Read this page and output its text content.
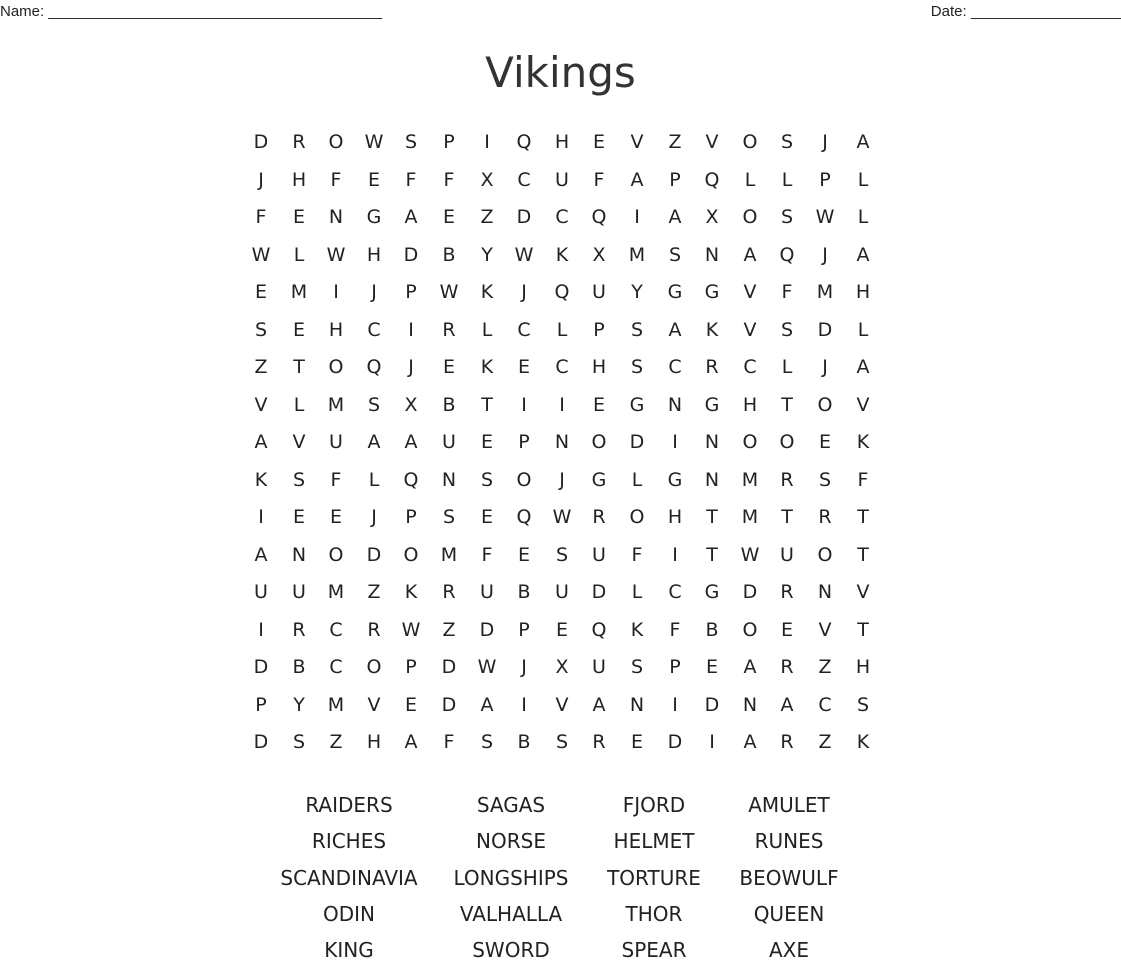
Name: ________________________________________	Date: __________________
Vikings
D	R	O	W	S	P	I	Q	H	E	V	Z	V	O	S	J	A
J	H	F	E	F	F	X	C	U	F	A	P	Q	L	L	P	L
F	E	N	G	A	E	Z	D	C	Q	I	A	X	O	S	W	L
W	L	W	H	D	B	Y	W	K	X	M	S	N	A	Q	J	A
E	M	I	J	P	W	K	J	Q	U	Y	G	G	V	F	M	H
S	E	H	C	I	R	L	C	L	P	S	A	K	V	S	D	L
Z	T	O	Q	J	E	K	E	C	H	S	C	R	C	L	J	A
V	L	M	S	X	B	T	I	I	E	G	N	G	H	T	O	V
A	V	U	A	A	U	E	P	N	O	D	I	N	O	O	E	K
K	S	F	L	Q	N	S	O	J	G	L	G	N	M	R	S	F
I	E	E	J	P	S	E	Q	W	R	O	H	T	M	T	R	T
A	N	O	D	O	M	F	E	S	U	F	I	T	W	U	O	T
U	U	M	Z	K	R	U	B	U	D	L	C	G	D	R	N	V
I	R	C	R	W	Z	D	P	E	Q	K	F	B	O	E	V	T
D	B	C	O	P	D	W	J	X	U	S	P	E	A	R	Z	H
P	Y	M	V	E	D	A	I	V	A	N	I	D	N	A	C	S
D	S	Z	H	A	F	S	B	S	R	E	D	I	A	R	Z	K
RAIDERS	SAGAS	FJORD	AMULET
RICHES	NORSE	HELMET	RUNES
SCANDINAVIA	LONGSHIPS	TORTURE	BEOWULF
ODIN	VALHALLA	THOR	QUEEN
KING	SWORD	SPEAR	AXE
